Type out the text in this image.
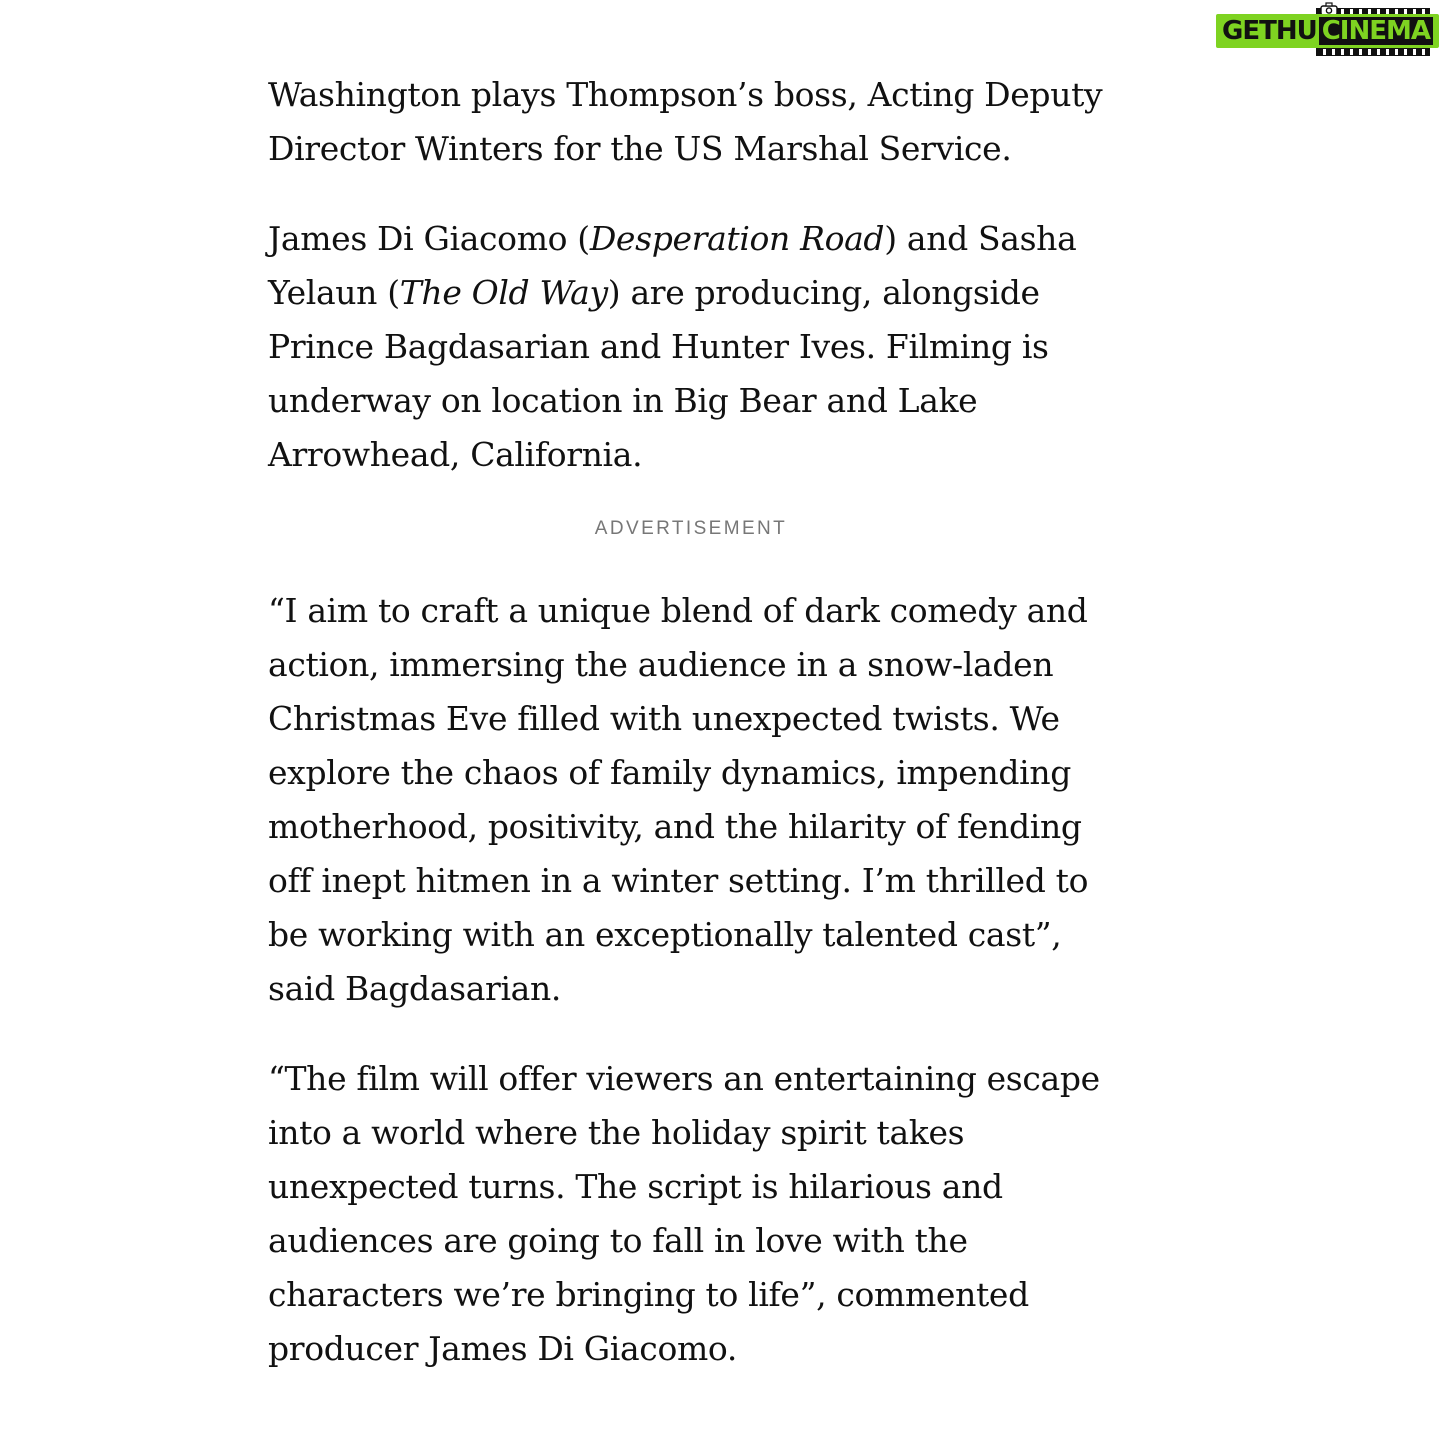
GETHU CINEMA

Washington plays Thompson’s boss, Acting Deputy Director Winters for the US Marshal Service.

James Di Giacomo (Desperation Road) and Sasha Yelaun (The Old Way) are producing, alongside Prince Bagdasarian and Hunter Ives. Filming is underway on location in Big Bear and Lake Arrowhead, California.

ADVERTISEMENT

“I aim to craft a unique blend of dark comedy and action, immersing the audience in a snow-laden Christmas Eve filled with unexpected twists. We explore the chaos of family dynamics, impending motherhood, positivity, and the hilarity of fending off inept hitmen in a winter setting. I’m thrilled to be working with an exceptionally talented cast”, said Bagdasarian.

“The film will offer viewers an entertaining escape into a world where the holiday spirit takes unexpected turns. The script is hilarious and audiences are going to fall in love with the characters we’re bringing to life”, commented producer James Di Giacomo.
